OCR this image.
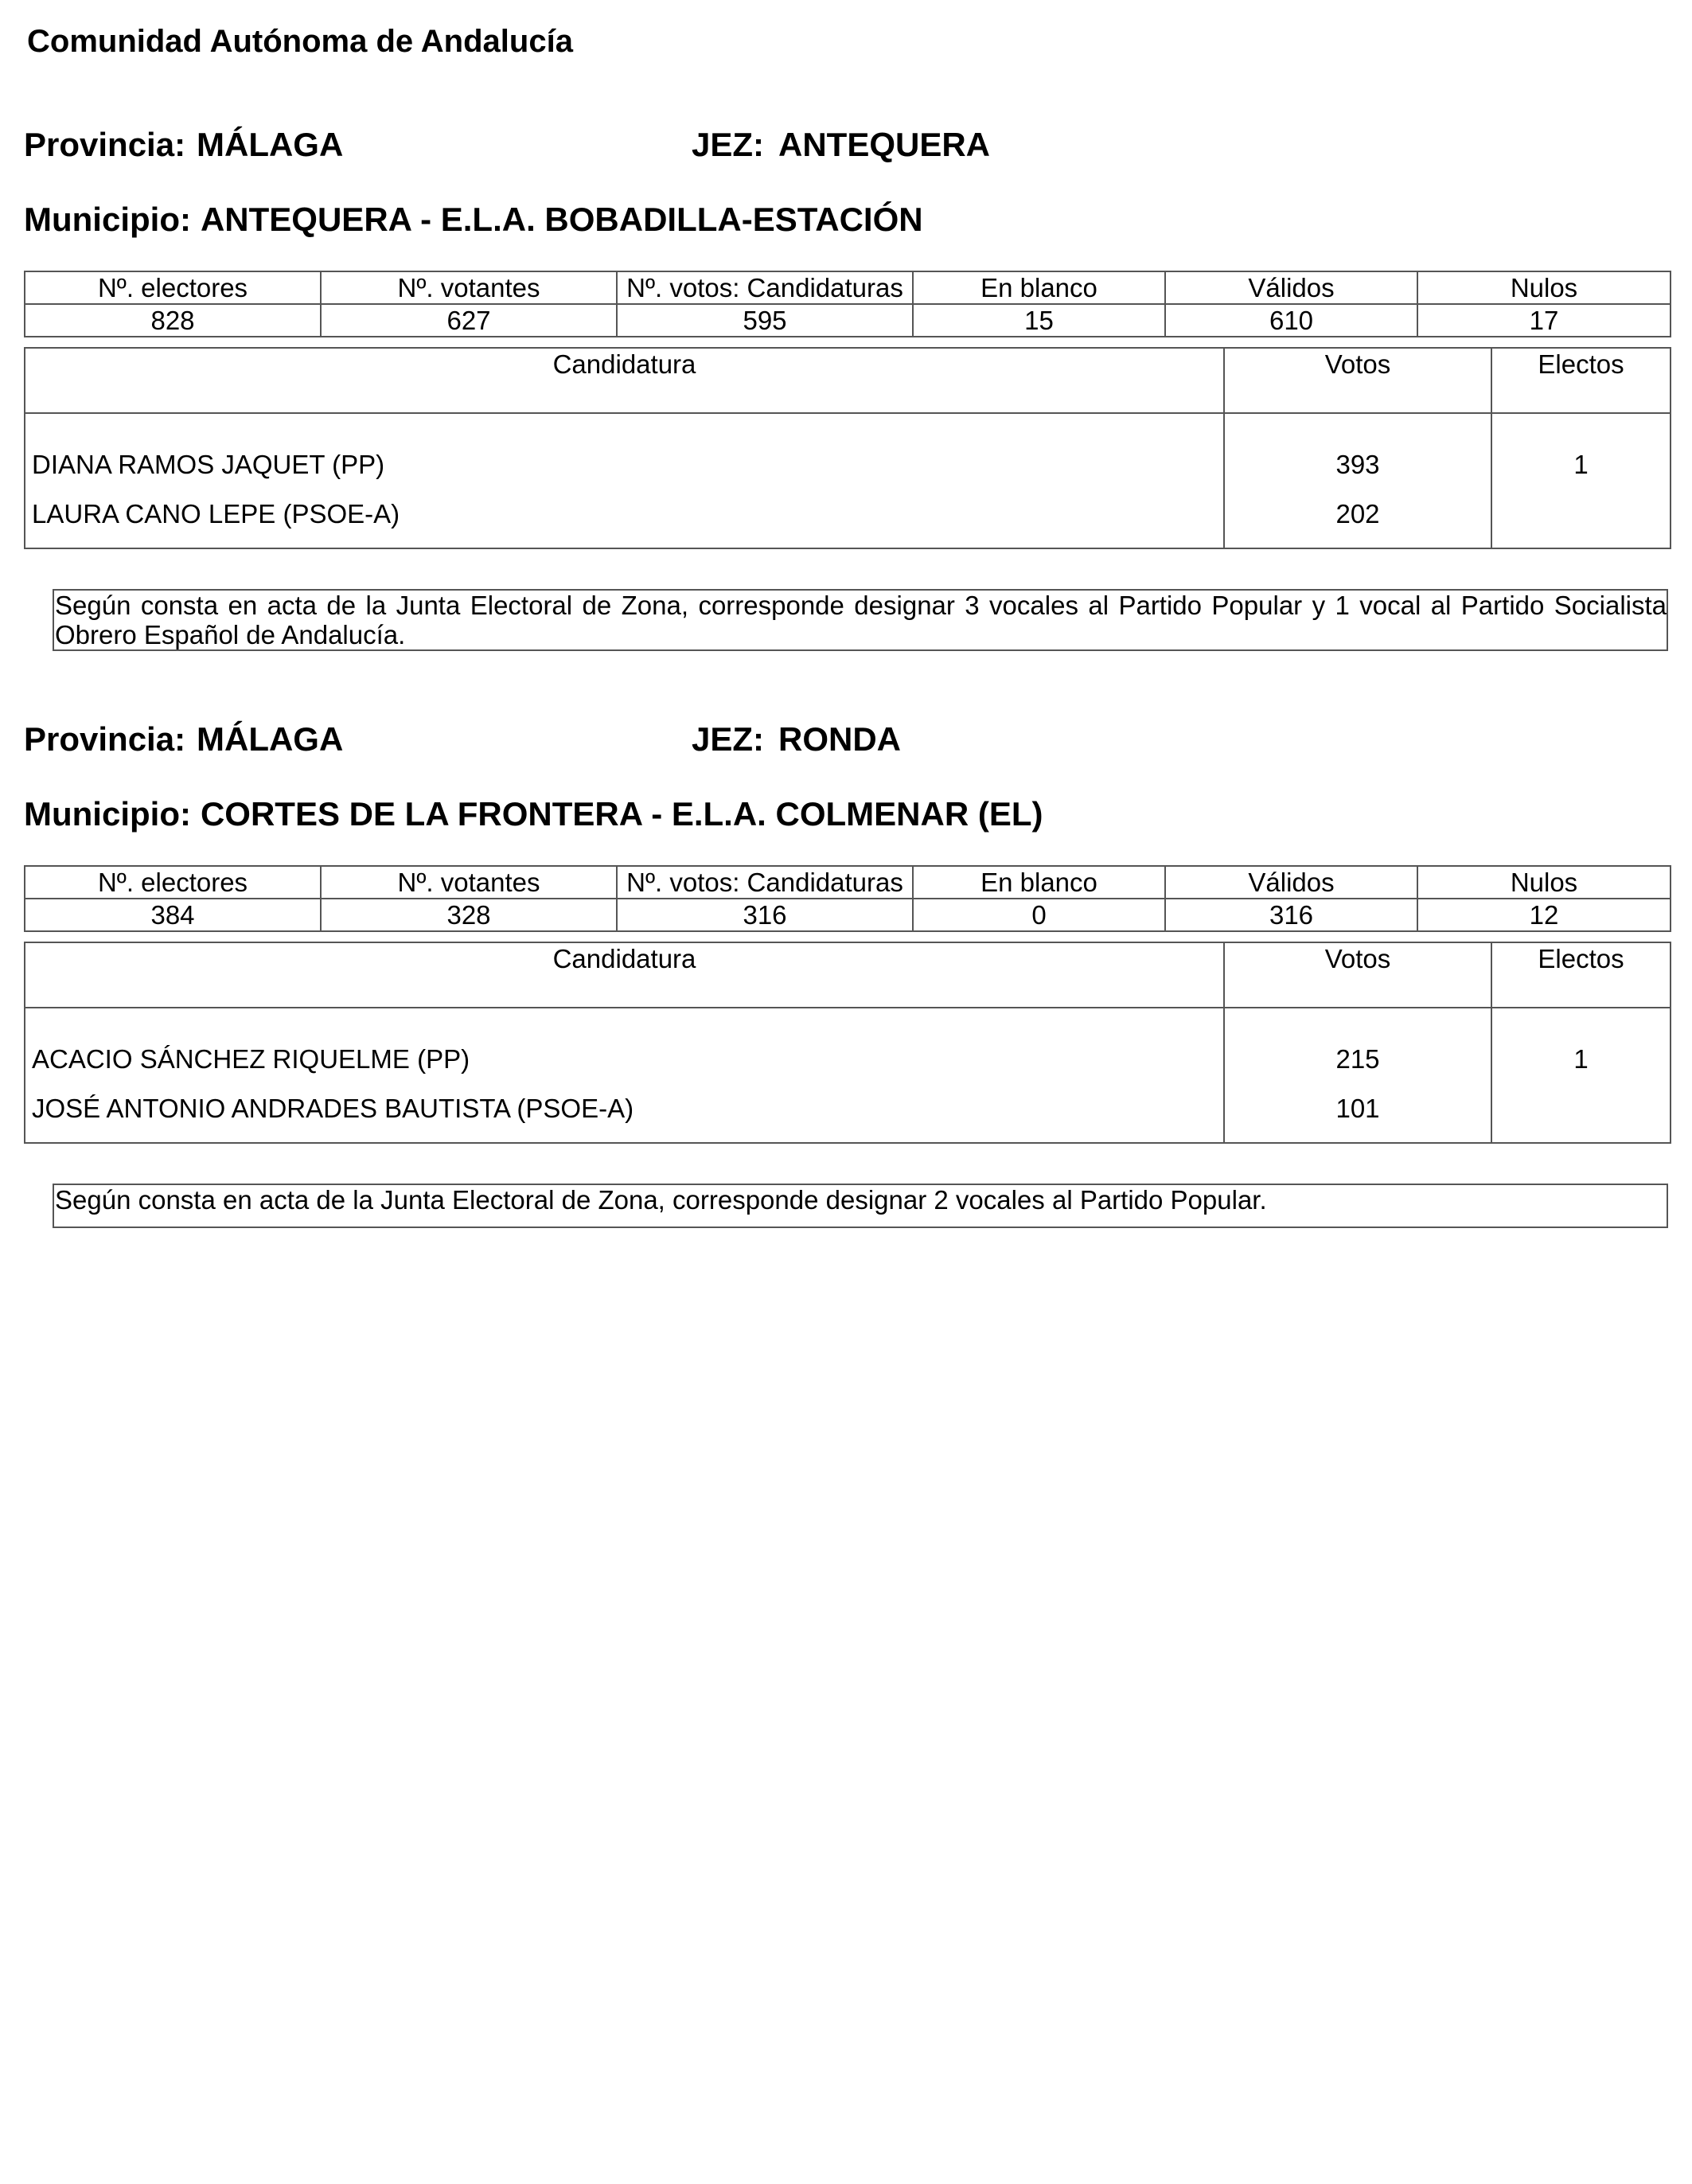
Comunidad Autónoma de Andalucía
Provincia: MÁLAGA	JEZ: ANTEQUERA
Municipio: ANTEQUERA - E.L.A. BOBADILLA-ESTACIÓN
Nº. electores	Nº. votantes	Nº. votos: Candidaturas	En blanco	Válidos	Nulos
828	627	595	15	610	17
Candidatura	Votos	Electos
DIANA RAMOS JAQUET (PP)	393	1
LAURA CANO LEPE (PSOE-A)	202	
Según consta en acta de la Junta Electoral de Zona, corresponde designar 3 vocales al Partido Popular y 1 vocal al Partido Socialista Obrero Español de Andalucía.
Provincia: MÁLAGA	JEZ: RONDA
Municipio: CORTES DE LA FRONTERA - E.L.A. COLMENAR (EL)
Nº. electores	Nº. votantes	Nº. votos: Candidaturas	En blanco	Válidos	Nulos
384	328	316	0	316	12
Candidatura	Votos	Electos
ACACIO SÁNCHEZ RIQUELME (PP)	215	1
JOSÉ ANTONIO ANDRADES BAUTISTA (PSOE-A)	101	
Según consta en acta de la Junta Electoral de Zona, corresponde designar 2 vocales al Partido Popular.
